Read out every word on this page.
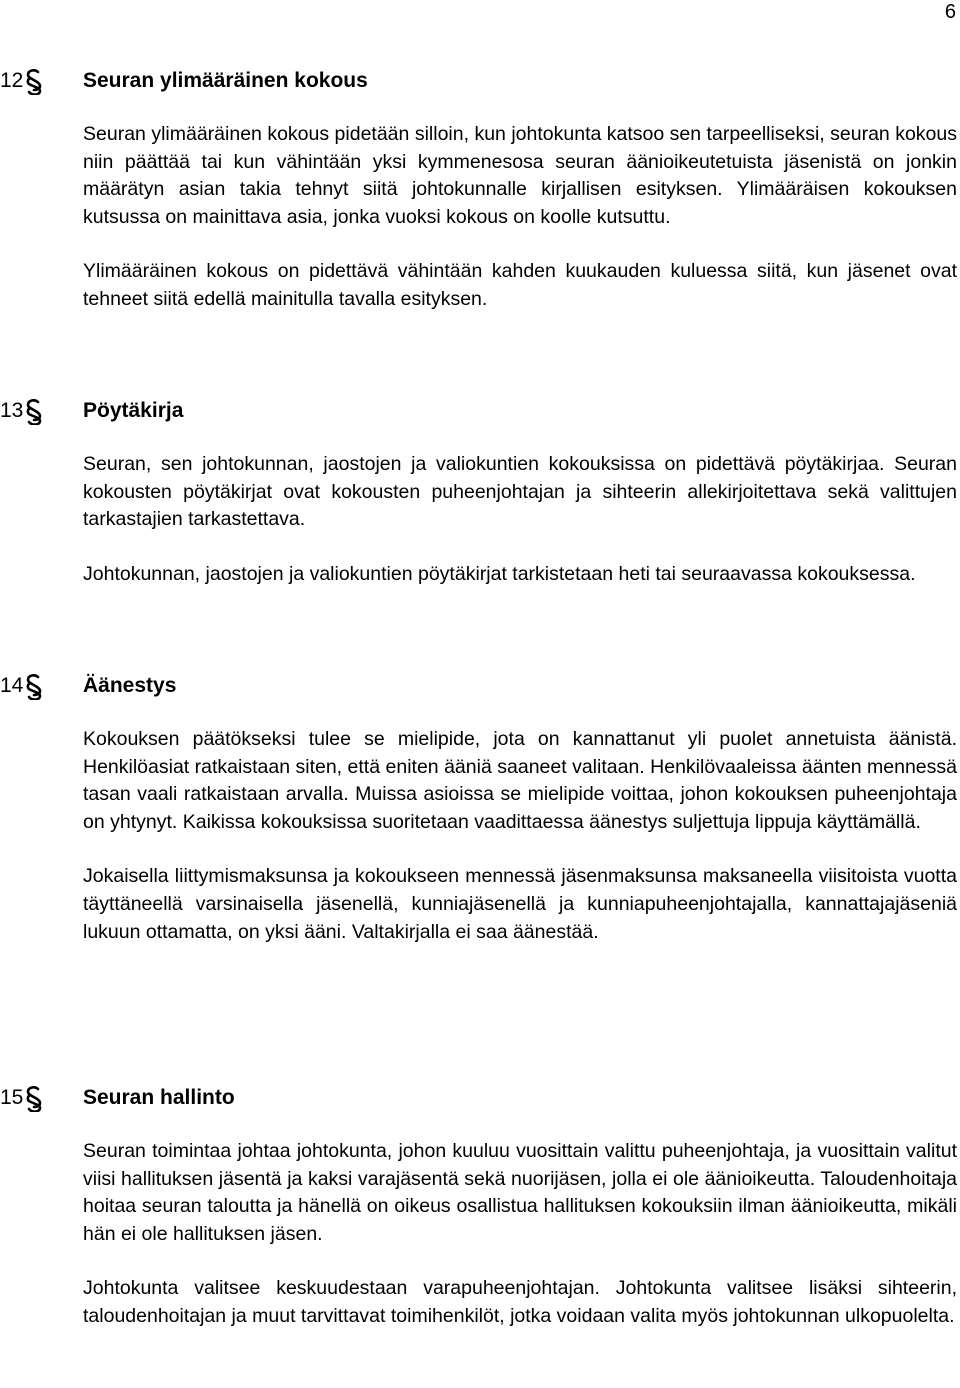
6
12	Seuran ylimääräinen kokous

Seuran ylimääräinen kokous pidetään silloin, kun johtokunta katsoo sen tarpeelliseksi, seuran kokous niin päättää tai kun vähintään yksi kymmenesosa seuran äänioikeutetuista jäsenistä on jonkin määrätyn asian takia tehnyt siitä johtokunnalle kirjallisen esityksen. Ylimääräisen kokouksen kutsussa on mainittava asia, jonka vuoksi kokous on koolle kutsuttu.

Ylimääräinen kokous on pidettävä vähintään kahden kuukauden kuluessa siitä, kun jäsenet ovat tehneet siitä edellä mainitulla tavalla esityksen.

13	Pöytäkirja

Seuran, sen johtokunnan, jaostojen ja valiokuntien kokouksissa on pidettävä pöytäkirjaa. Seuran kokousten pöytäkirjat ovat kokousten puheenjohtajan ja sihteerin allekirjoitettava sekä valittujen tarkastajien tarkastettava.

Johtokunnan, jaostojen ja valiokuntien pöytäkirjat tarkistetaan heti tai seuraavassa kokouksessa.

14	Äänestys

Kokouksen päätökseksi tulee se mielipide, jota on kannattanut yli puolet annetuista äänistä. Henkilöasiat ratkaistaan siten, että eniten ääniä saaneet valitaan. Henkilövaaleissa äänten mennessä tasan vaali ratkaistaan arvalla. Muissa asioissa se mielipide voittaa, johon kokouksen puheenjohtaja on yhtynyt. Kaikissa kokouksissa suoritetaan vaadittaessa äänestys suljettuja lippuja käyttämällä.

Jokaisella liittymismaksunsa ja kokoukseen mennessä jäsenmaksunsa maksaneella viisitoista vuotta täyttäneellä varsinaisella jäsenellä, kunniajäsenellä ja kunniapuheenjohtajalla, kannattajajäseniä lukuun ottamatta, on yksi ääni. Valtakirjalla ei saa äänestää.

15	Seuran hallinto

Seuran toimintaa johtaa johtokunta, johon kuuluu vuosittain valittu puheenjohtaja, ja vuosittain valitut viisi hallituksen jäsentä ja kaksi varajäsentä sekä nuorijäsen, jolla ei ole äänioikeutta. Taloudenhoitaja hoitaa seuran taloutta ja hänellä on oikeus osallistua hallituksen kokouksiin ilman äänioikeutta, mikäli hän ei ole hallituksen jäsen.

Johtokunta valitsee keskuudestaan varapuheenjohtajan. Johtokunta valitsee lisäksi sihteerin, taloudenhoitajan ja muut tarvittavat toimihenkilöt, jotka voidaan valita myös johtokunnan ulkopuolelta.
